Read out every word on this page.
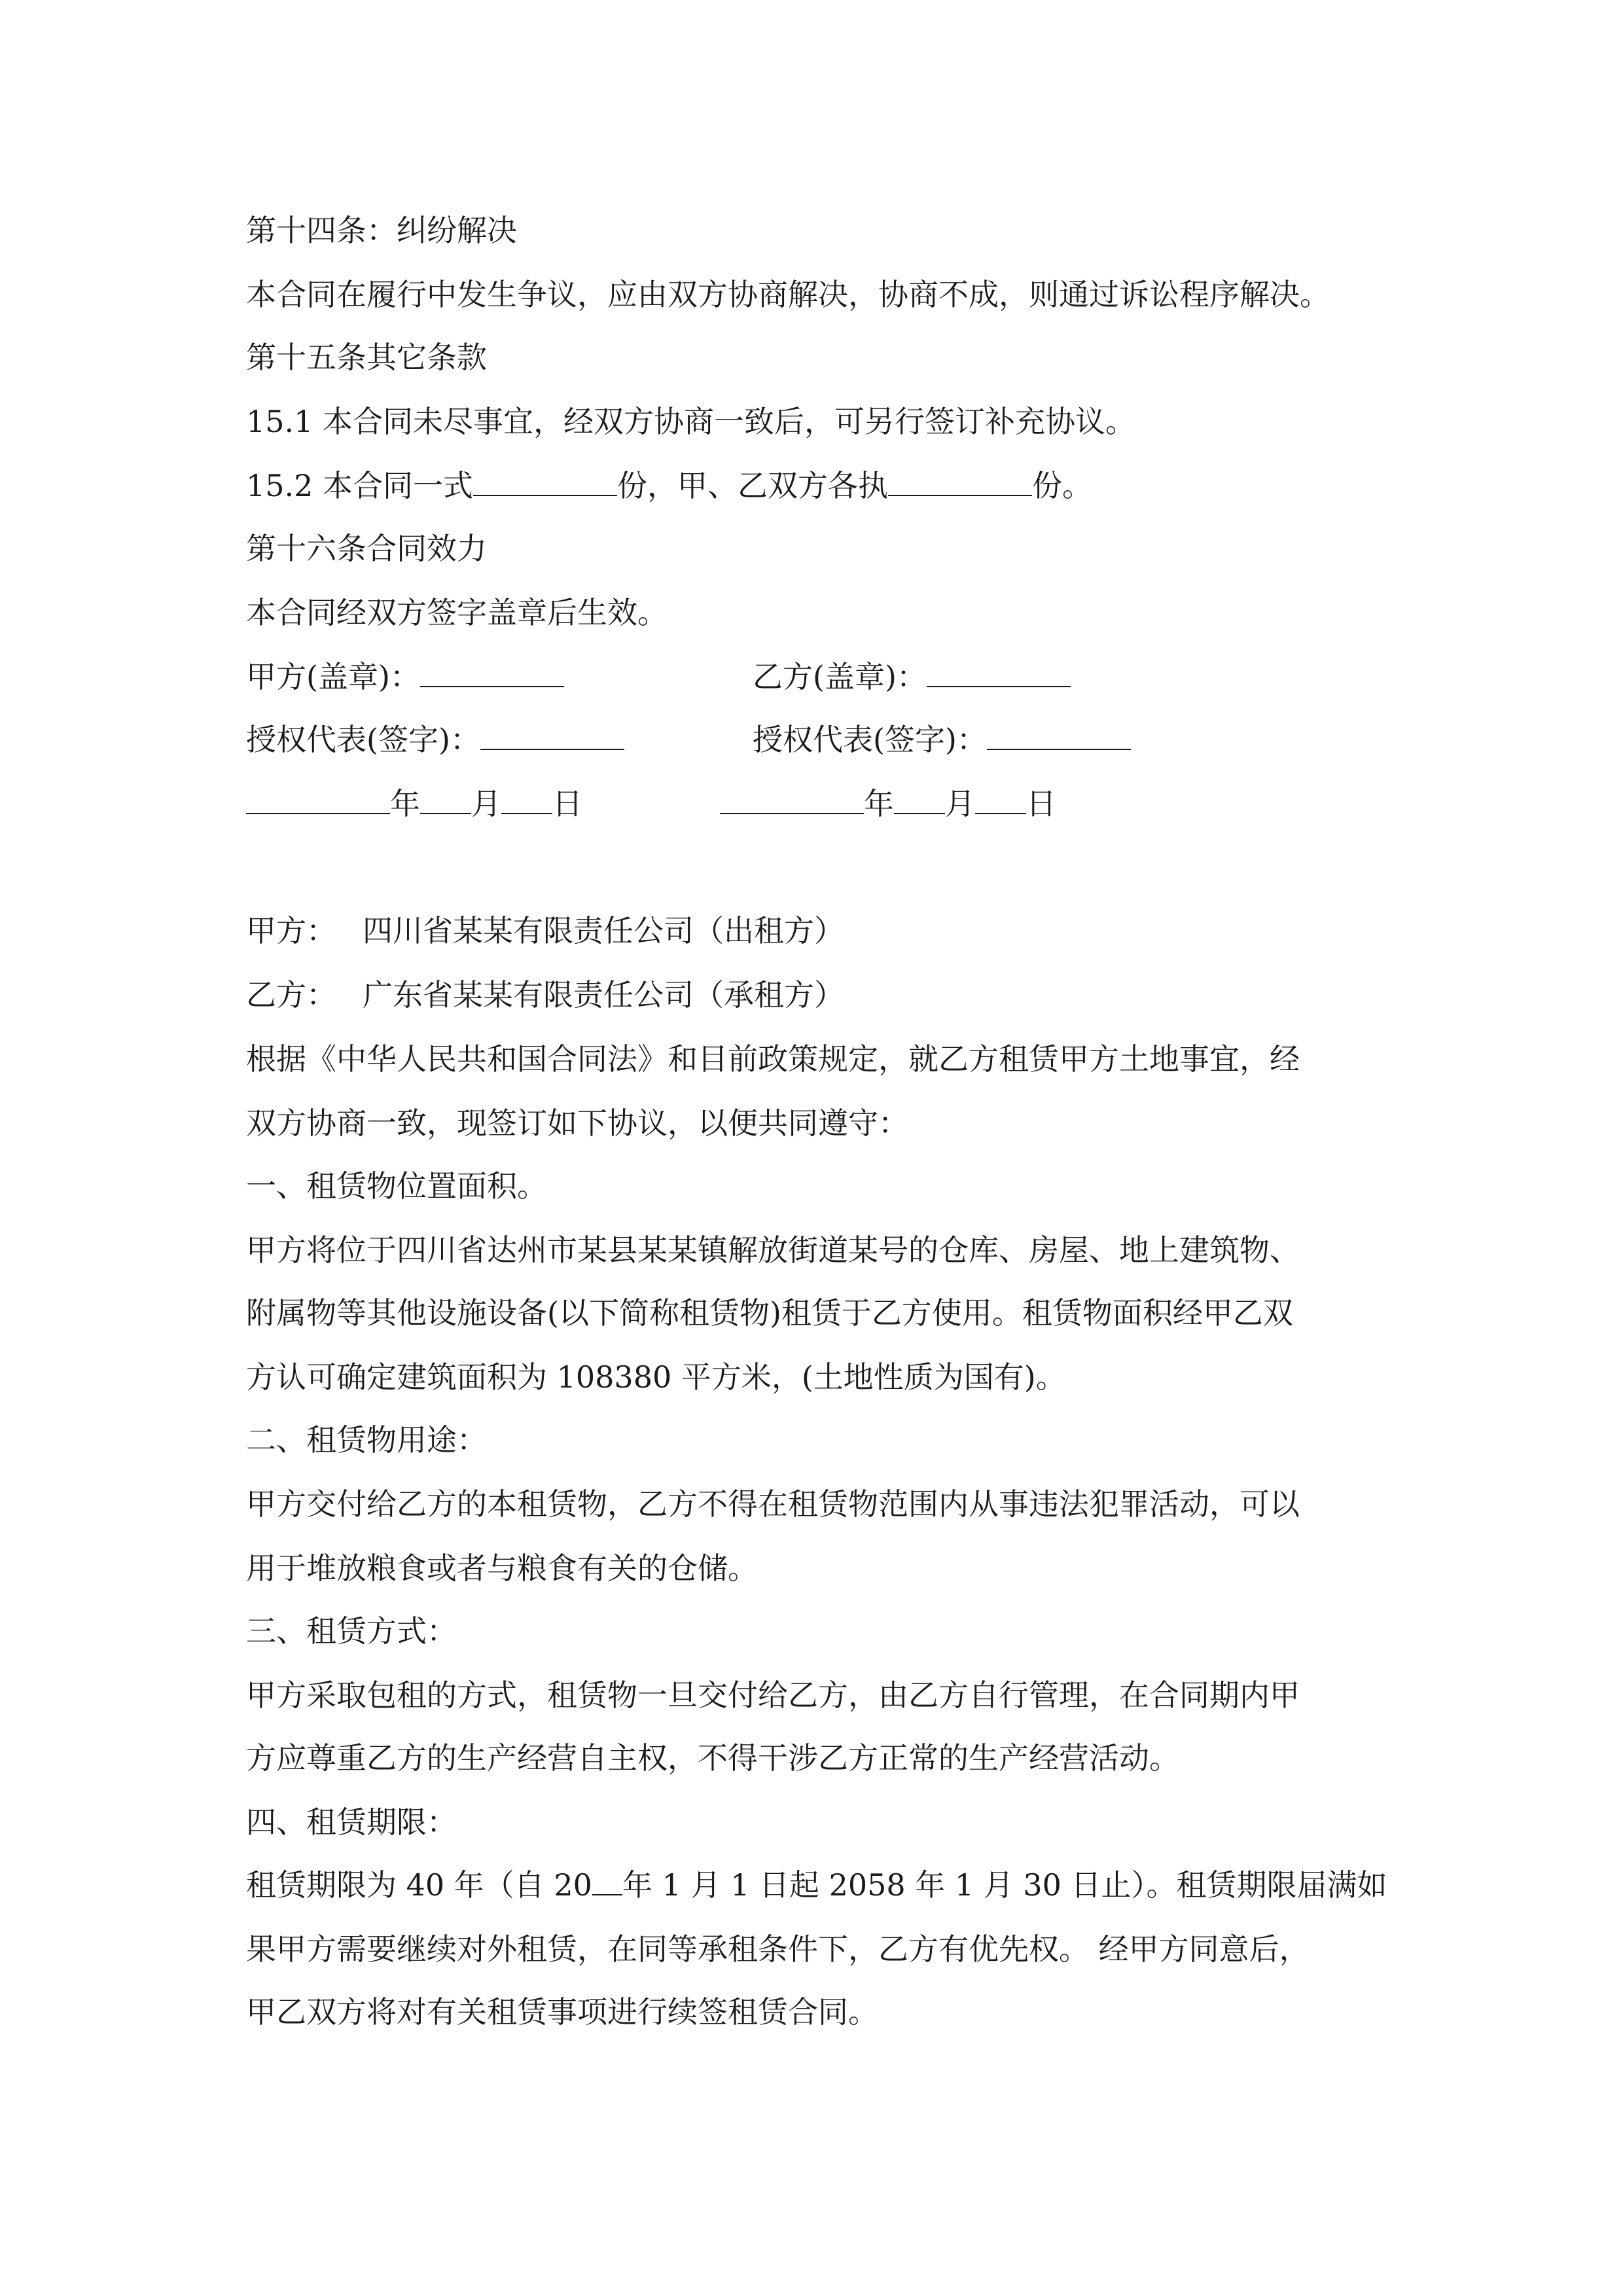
第十四条：纠纷解决
本合同在履行中发生争议，应由双方协商解决，协商不成，则通过诉讼程序解决。
第十五条其它条款
15.1 本合同未尽事宜，经双方协商一致后，可另行签订补充协议。
15.2 本合同一式	份，甲、乙双方各执	份。
第十六条合同效力
本合同经双方签字盖章后生效。
甲方(盖章)：	乙方(盖章)：
授权代表(签字)：	授权代表(签字)：
年 月 日	年 月 日
甲方： 四川省某某有限责任公司（出租方）
乙方： 广东省某某有限责任公司（承租方）
根据《中华人民共和国合同法》和目前政策规定，就乙方租赁甲方土地事宜，经
双方协商一致，现签订如下协议，以便共同遵守：
一、租赁物位置面积。
甲方将位于四川省达州市某县某某镇解放街道某号的仓库、房屋、地上建筑物、
附属物等其他设施设备(以下简称租赁物)租赁于乙方使用。租赁物面积经甲乙双
方认可确定建筑面积为 108380 平方米，(土地性质为国有)。
二、租赁物用途：
甲方交付给乙方的本租赁物，乙方不得在租赁物范围内从事违法犯罪活动，可以
用于堆放粮食或者与粮食有关的仓储。
三、租赁方式：
甲方采取包租的方式，租赁物一旦交付给乙方，由乙方自行管理，在合同期内甲
方应尊重乙方的生产经营自主权，不得干涉乙方正常的生产经营活动。
四、租赁期限：
租赁期限为 40 年（自 20 年 1 月 1 日起 2058 年 1 月 30 日止）。租赁期限届满如
果甲方需要继续对外租赁，在同等承租条件下，乙方有优先权。 经甲方同意后，
甲乙双方将对有关租赁事项进行续签租赁合同。
